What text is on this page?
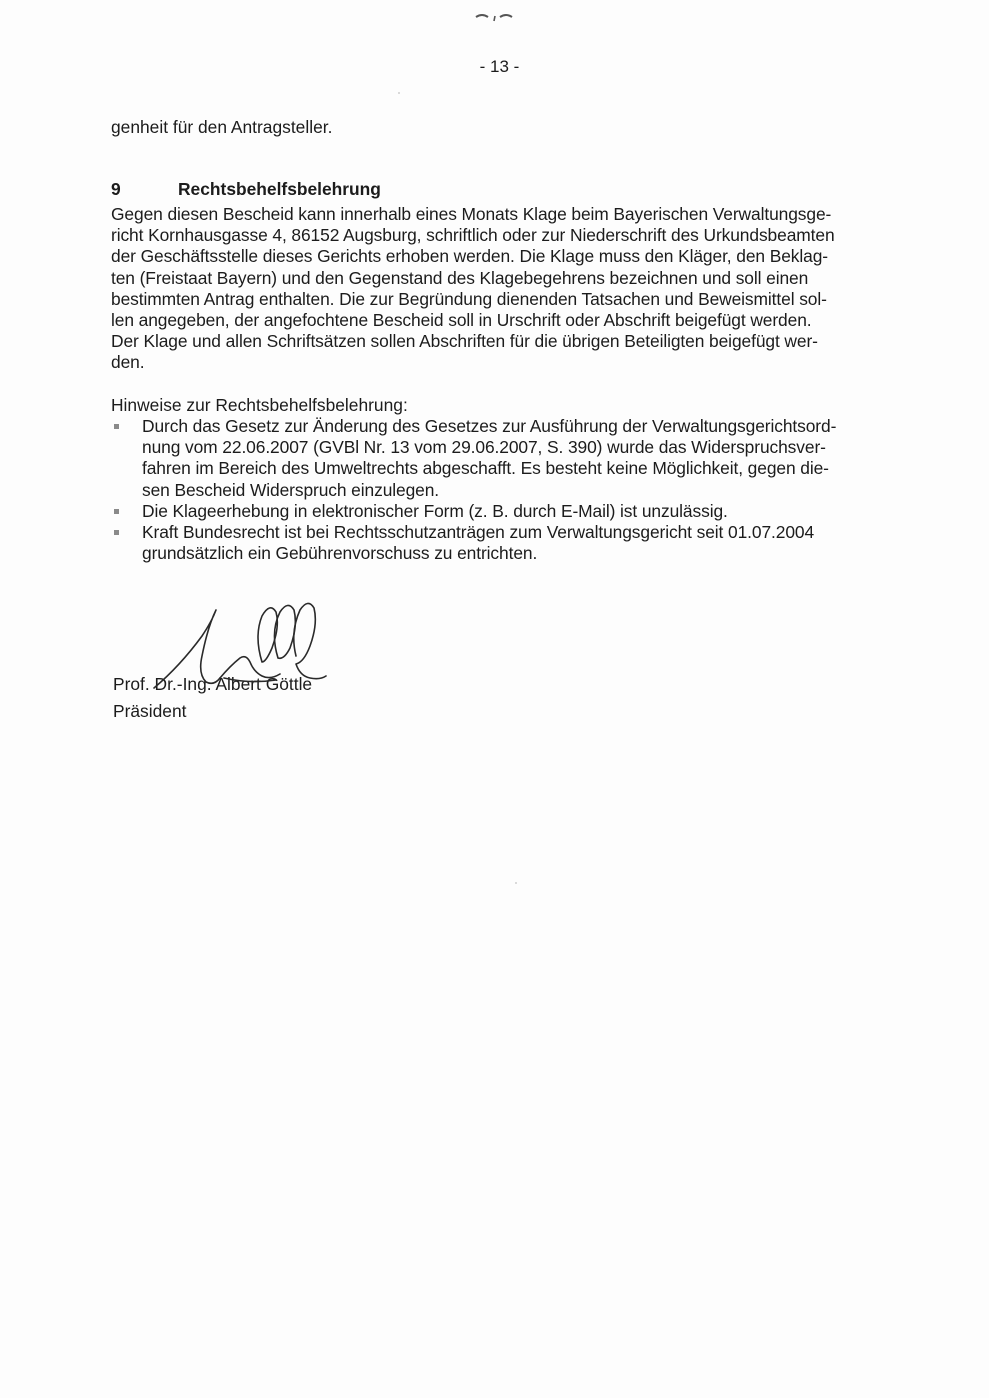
- 13 -
genheit für den Antragsteller.
9	Rechtsbehelfsbelehrung
Gegen diesen Bescheid kann innerhalb eines Monats Klage beim Bayerischen Verwaltungsge-
richt Kornhausgasse 4, 86152 Augsburg, schriftlich oder zur Niederschrift des Urkundsbeamten
der Geschäftsstelle dieses Gerichts erhoben werden. Die Klage muss den Kläger, den Beklag-
ten (Freistaat Bayern) und den Gegenstand des Klagebegehrens bezeichnen und soll einen
bestimmten Antrag enthalten. Die zur Begründung dienenden Tatsachen und Beweismittel sol-
len angegeben, der angefochtene Bescheid soll in Urschrift oder Abschrift beigefügt werden.
Der Klage und allen Schriftsätzen sollen Abschriften für die übrigen Beteiligten beigefügt wer-
den.
Hinweise zur Rechtsbehelfsbelehrung:
Durch das Gesetz zur Änderung des Gesetzes zur Ausführung der Verwaltungsgerichtsord-
nung vom 22.06.2007 (GVBl Nr. 13 vom 29.06.2007, S. 390) wurde das Widerspruchsver-
fahren im Bereich des Umweltrechts abgeschafft. Es besteht keine Möglichkeit, gegen die-
sen Bescheid Widerspruch einzulegen.
Die Klageerhebung in elektronischer Form (z. B. durch E-Mail) ist unzulässig.
Kraft Bundesrecht ist bei Rechtsschutzanträgen zum Verwaltungsgericht seit 01.07.2004
grundsätzlich ein Gebührenvorschuss zu entrichten.
Prof. Dr.-Ing. Albert Göttle
Präsident
